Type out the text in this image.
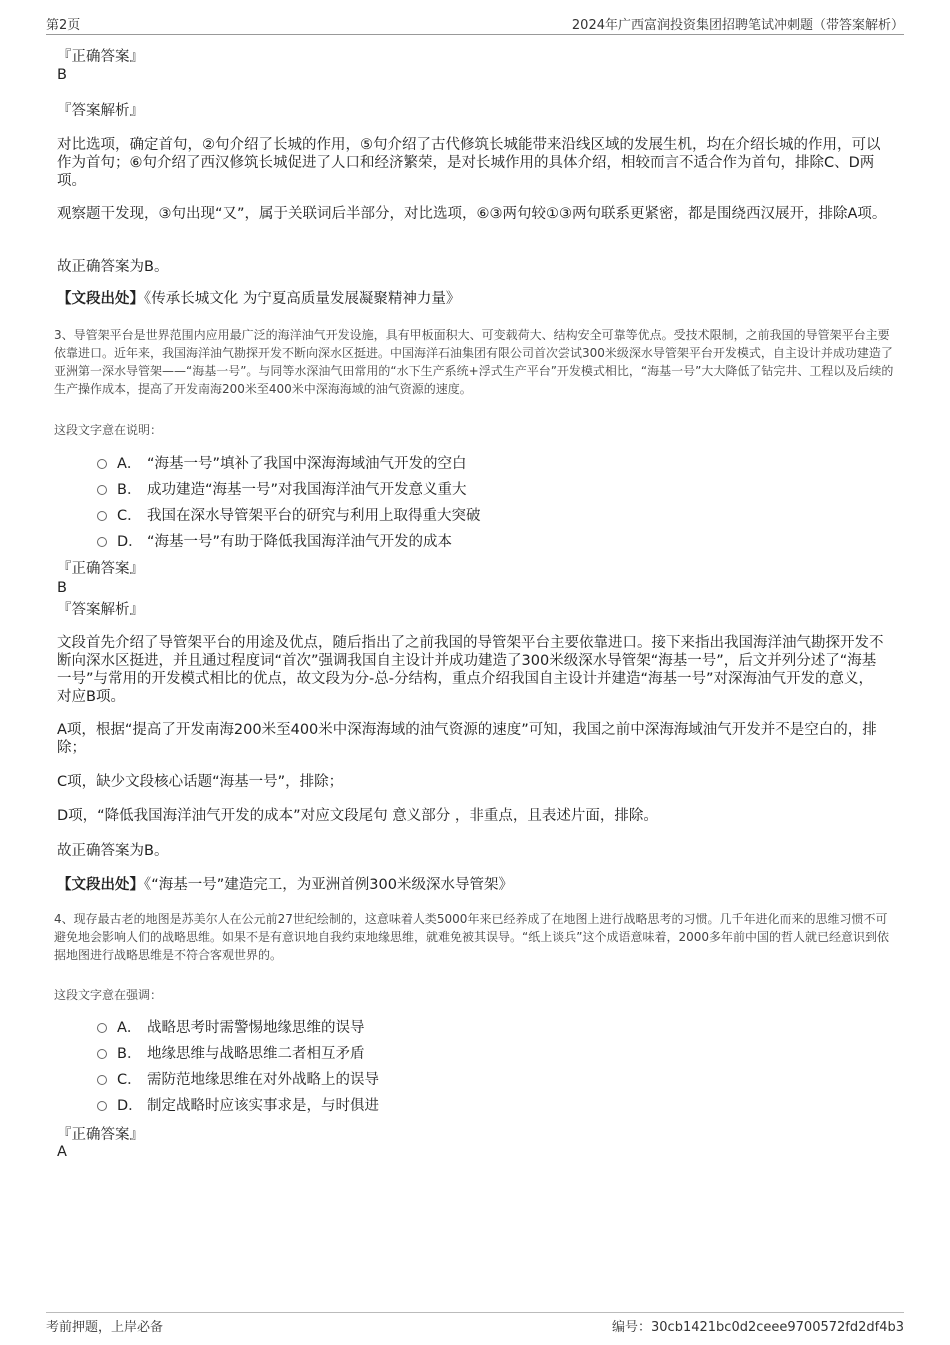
第2页	2024年广西富润投资集团招聘笔试冲刺题（带答案解析）
『正确答案』
B
『答案解析』
对比选项，确定首句，②句介绍了长城的作用，⑤句介绍了古代修筑长城能带来沿线区域的发展生机，均在介绍长城的作用，可以作为首句；⑥句介绍了西汉修筑长城促进了人口和经济繁荣，是对长城作用的具体介绍，相较而言不适合作为首句，排除C、D两项。
观察题干发现，③句出现“又”，属于关联词后半部分，对比选项，⑥③两句较①③两句联系更紧密，都是围绕西汉展开，排除A项。
故正确答案为B。
【文段出处】《传承长城文化 为宁夏高质量发展凝聚精神力量》
3、导管架平台是世界范围内应用最广泛的海洋油气开发设施，具有甲板面积大、可变载荷大、结构安全可靠等优点。受技术限制，之前我国的导管架平台主要依靠进口。近年来，我国海洋油气勘探开发不断向深水区挺进。中国海洋石油集团有限公司首次尝试300米级深水导管架平台开发模式，自主设计并成功建造了亚洲第一深水导管架——“海基一号”。与同等水深油气田常用的“水下生产系统+浮式生产平台”开发模式相比，“海基一号”大大降低了钻完井、工程以及后续的生产操作成本，提高了开发南海200米至400米中深海海域的油气资源的速度。
这段文字意在说明：
A． “海基一号”填补了我国中深海海域油气开发的空白
B． 成功建造“海基一号”对我国海洋油气开发意义重大
C． 我国在深水导管架平台的研究与利用上取得重大突破
D． “海基一号”有助于降低我国海洋油气开发的成本
『正确答案』
B
『答案解析』
文段首先介绍了导管架平台的用途及优点，随后指出了之前我国的导管架平台主要依靠进口。接下来指出我国海洋油气勘探开发不断向深水区挺进，并且通过程度词“首次”强调我国自主设计并成功建造了300米级深水导管架“海基一号”，后文并列分述了“海基一号”与常用的开发模式相比的优点，故文段为分-总-分结构，重点介绍我国自主设计并建造“海基一号”对深海油气开发的意义，对应B项。
A项，根据“提高了开发南海200米至400米中深海海域的油气资源的速度”可知，我国之前中深海海域油气开发并不是空白的，排除；
C项，缺少文段核心话题“海基一号”，排除；
D项，“降低我国海洋油气开发的成本”对应文段尾句 意义部分 ，非重点，且表述片面，排除。
故正确答案为B。
【文段出处】《“海基一号”建造完工，为亚洲首例300米级深水导管架》
4、现存最古老的地图是苏美尔人在公元前27世纪绘制的，这意味着人类5000年来已经养成了在地图上进行战略思考的习惯。几千年进化而来的思维习惯不可避免地会影响人们的战略思维。如果不是有意识地自我约束地缘思维，就难免被其误导。“纸上谈兵”这个成语意味着，2000多年前中国的哲人就已经意识到依据地图进行战略思维是不符合客观世界的。
这段文字意在强调：
A． 战略思考时需警惕地缘思维的误导
B． 地缘思维与战略思维二者相互矛盾
C． 需防范地缘思维在对外战略上的误导
D． 制定战略时应该实事求是，与时俱进
『正确答案』
A
考前押题，上岸必备	编号：30cb1421bc0d2ceee9700572fd2df4b3
